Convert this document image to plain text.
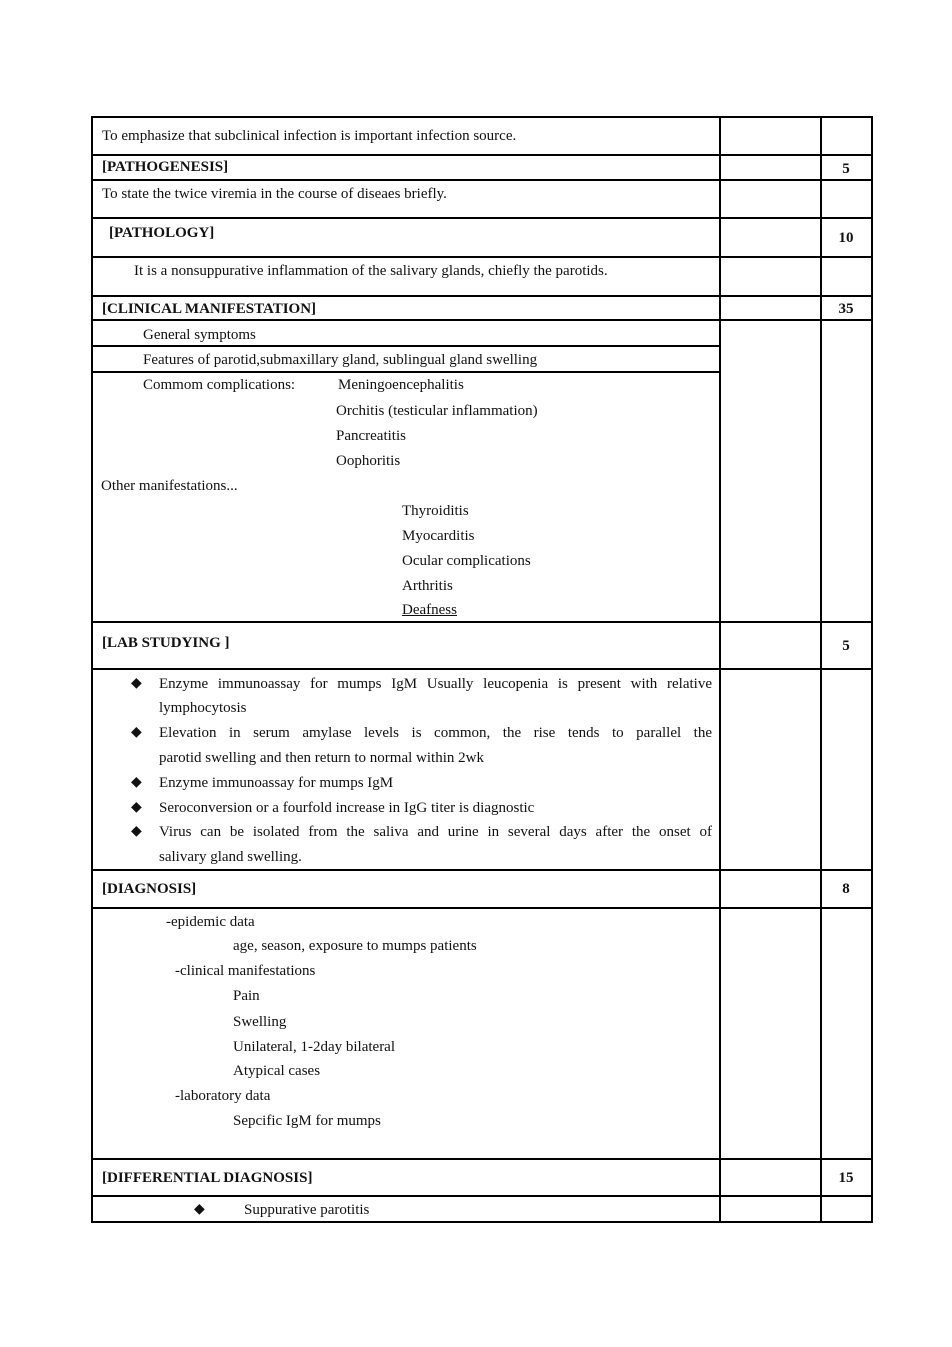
To emphasize that subclinical infection is important infection source.
[PATHOGENESIS]	5
To state the twice viremia in the course of diseaes briefly.
[PATHOLOGY]	10
It is a nonsuppurative inflammation of the salivary glands, chiefly the parotids.
[CLINICAL MANIFESTATION]	35
General symptoms
Features of parotid,submaxillary gland, sublingual gland swelling
Commom complications:	Meningoencephalitis
Orchitis (testicular inflammation)
Pancreatitis
Oophoritis
Other manifestations...
Thyroiditis
Myocarditis
Ocular complications
Arthritis
Deafness
[LAB STUDYING ]	5
◆ Enzyme immunoassay for mumps IgM Usually leucopenia is present with relative
lymphocytosis
◆ Elevation in serum amylase levels is common, the rise tends to parallel the
parotid swelling and then return to normal within 2wk
◆ Enzyme immunoassay for mumps IgM
◆ Seroconversion or a fourfold increase in IgG titer is diagnostic
◆ Virus can be isolated from the saliva and urine in several days after the onset of
salivary gland swelling.
[DIAGNOSIS]	8
-epidemic data
age, season, exposure to mumps patients
-clinical manifestations
Pain
Swelling
Unilateral, 1-2day bilateral
Atypical cases
-laboratory data
Sepcific IgM for mumps
[DIFFERENTIAL DIAGNOSIS]	15
◆	Suppurative parotitis
